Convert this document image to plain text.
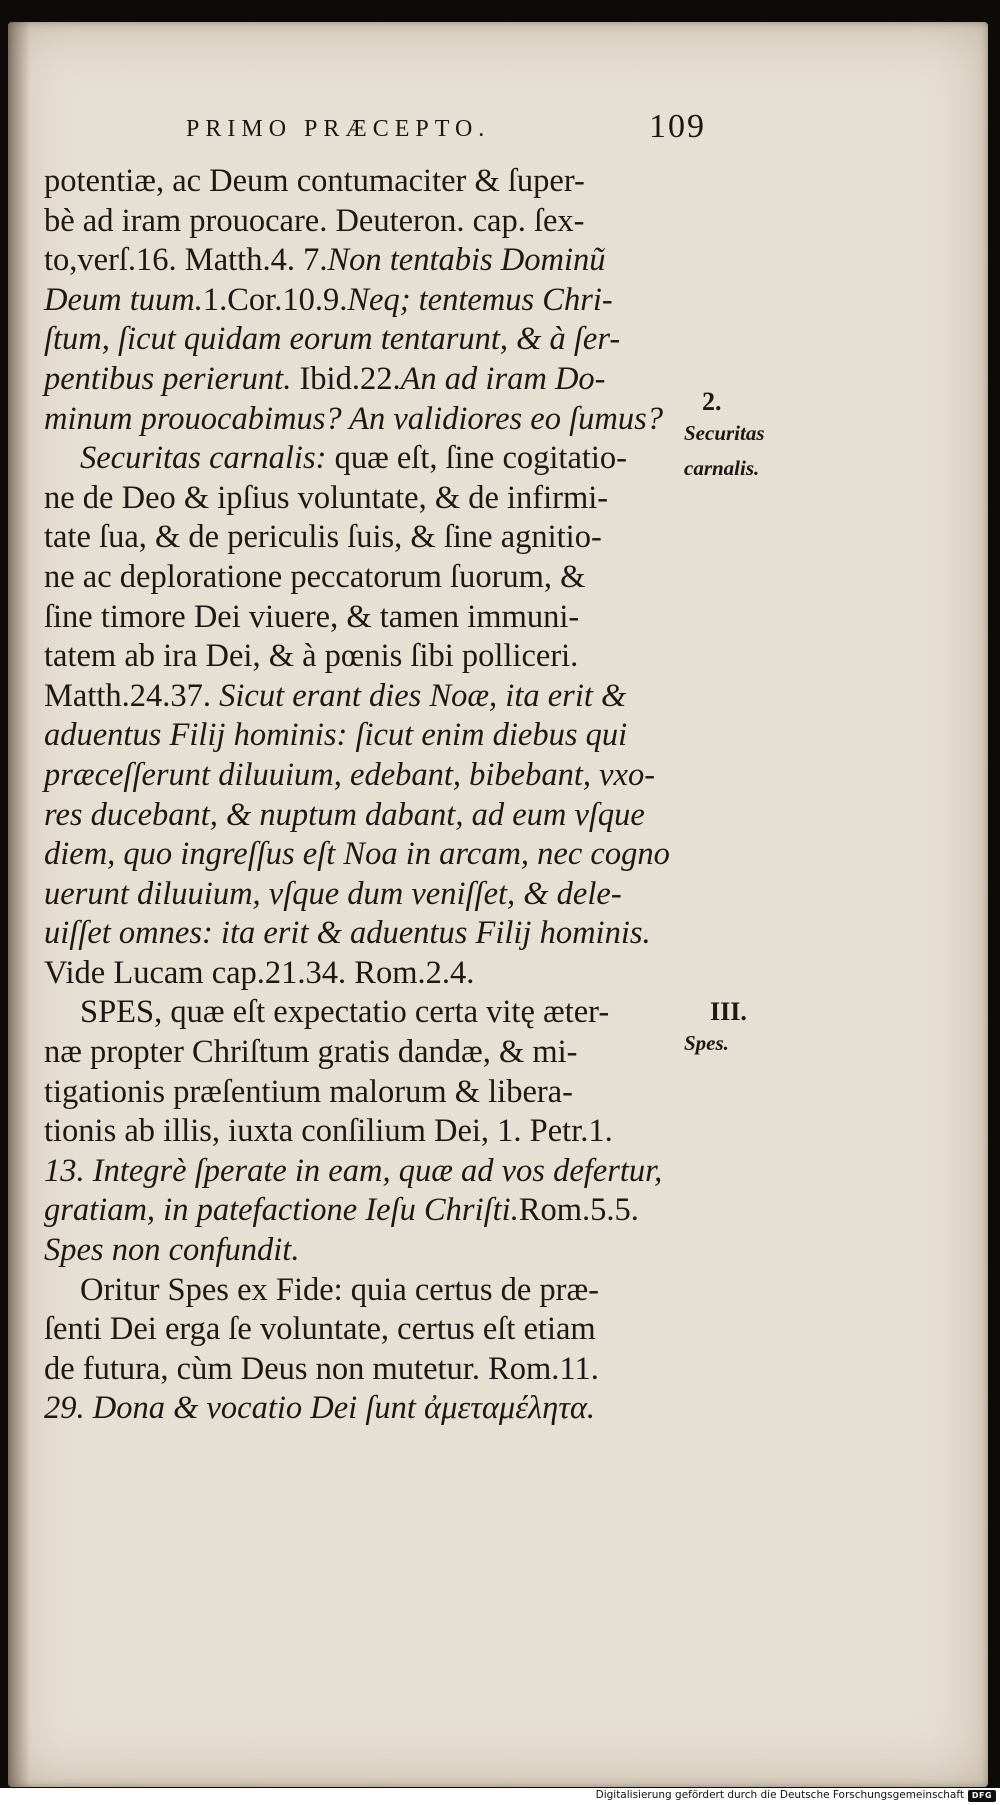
PRIMO PRÆCEPTO.	109
potentiæ, ac Deum contumaciter & ſuper-
bè ad iram prouocare. Deuteron. cap. ſex-
to,verſ.16. Matth.4. 7.Non tentabis Dominũ
Deum tuum.1.Cor.10.9.Neq; tentemus Chri-
ſtum, ſicut quidam eorum tentarunt, & à ſer-
pentibus perierunt. Ibid.22.An ad iram Do-
minum prouocabimus? An validiores eo ſumus?
Securitas carnalis: quæ eſt, ſine cogitatio-
ne de Deo & ipſius voluntate, & de infirmi-
tate ſua, & de periculis ſuis, & ſine agnitio-
ne ac deploratione peccatorum ſuorum, &
ſine timore Dei viuere, & tamen immuni-
tatem ab ira Dei, & à pœnis ſibi polliceri.
Matth.24.37. Sicut erant dies Noæ, ita erit &
aduentus Filij hominis: ſicut enim diebus qui
præceſſerunt diluuium, edebant, bibebant, vxo-
res ducebant, & nuptum dabant, ad eum vſque
diem, quo ingreſſus eſt Noa in arcam, nec cogno
uerunt diluuium, vſque dum veniſſet, & dele-
uiſſet omnes: ita erit & aduentus Filij hominis.
Vide Lucam cap.21.34. Rom.2.4.
SPES, quæ eſt expectatio certa vitę æter-
næ propter Chriſtum gratis dandæ, & mi-
tigationis præſentium malorum & libera-
tionis ab illis, iuxta conſilium Dei, 1. Petr.1.
13. Integrè ſperate in eam, quæ ad vos defertur,
gratiam, in patefactione Ieſu Chriſti.Rom.5.5.
Spes non confundit.
Oritur Spes ex Fide: quia certus de præ-
ſenti Dei erga ſe voluntate, certus eſt etiam
de futura, cùm Deus non mutetur. Rom.11.
29. Dona & vocatio Dei ſunt ἀμεταμέλητα.
2.
Securitas
carnalis.
III.
Spes.
Digitalisierung gefördert durch die Deutsche Forschungsgemeinschaft DFG
